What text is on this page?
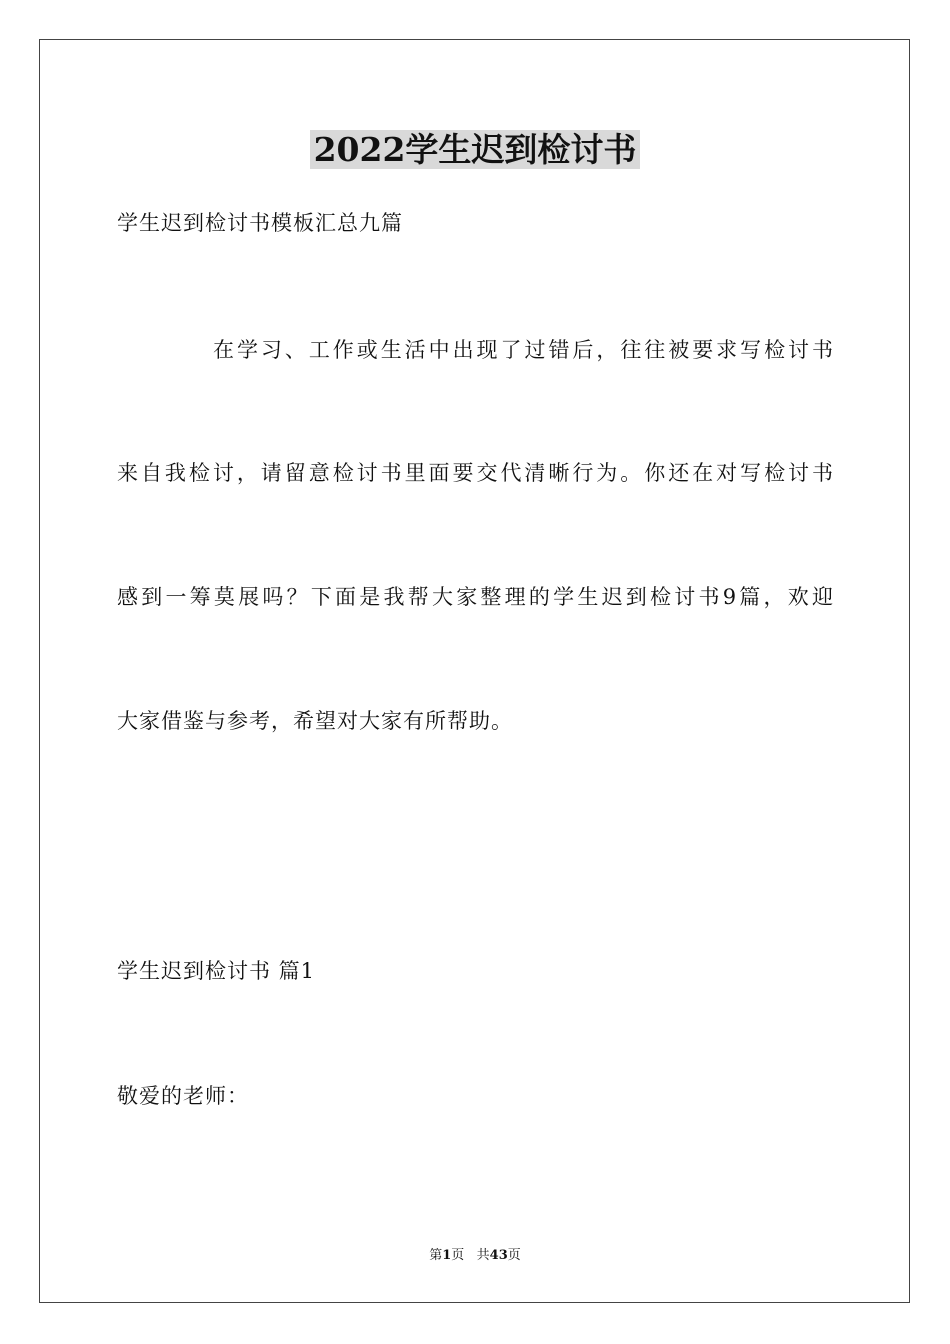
2022学生迟到检讨书
学生迟到检讨书模板汇总九篇
在学习、工作或生活中出现了过错后，往往被要求写检讨书
来自我检讨，请留意检讨书里面要交代清晰行为。你还在对写检讨书
感到一筹莫展吗？下面是我帮大家整理的学生迟到检讨书9篇，欢迎
大家借鉴与参考，希望对大家有所帮助。
学生迟到检讨书 篇1
敬爱的老师：
第1页   共43页
